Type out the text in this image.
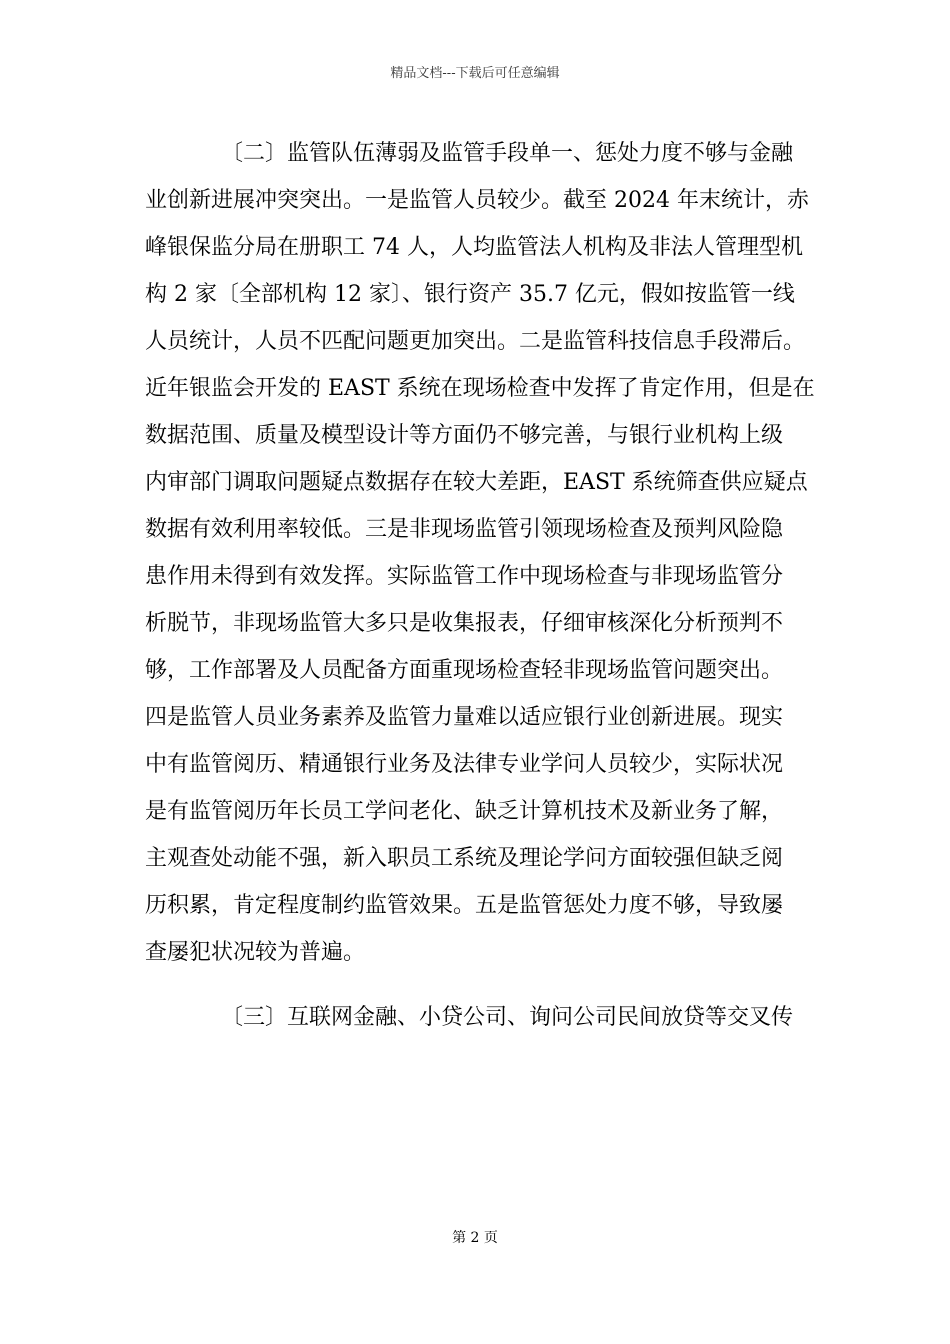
精品文档---下载后可任意编辑
〔二〕监管队伍薄弱及监管手段单一、惩处力度不够与金融
业创新进展冲突突出。一是监管人员较少。截至 2024 年末统计，赤
峰银保监分局在册职工 74 人，人均监管法人机构及非法人管理型机
构 2 家〔全部机构 12 家〕、银行资产 35.7 亿元，假如按监管一线
人员统计，人员不匹配问题更加突出。二是监管科技信息手段滞后。
近年银监会开发的 EAST 系统在现场检查中发挥了肯定作用，但是在
数据范围、质量及模型设计等方面仍不够完善，与银行业机构上级
内审部门调取问题疑点数据存在较大差距，EAST 系统筛查供应疑点
数据有效利用率较低。三是非现场监管引领现场检查及预判风险隐
患作用未得到有效发挥。实际监管工作中现场检查与非现场监管分
析脱节，非现场监管大多只是收集报表，仔细审核深化分析预判不
够，工作部署及人员配备方面重现场检查轻非现场监管问题突出。
四是监管人员业务素养及监管力量难以适应银行业创新进展。现实
中有监管阅历、精通银行业务及法律专业学问人员较少，实际状况
是有监管阅历年长员工学问老化、缺乏计算机技术及新业务了解，
主观查处动能不强，新入职员工系统及理论学问方面较强但缺乏阅
历积累，肯定程度制约监管效果。五是监管惩处力度不够，导致屡
查屡犯状况较为普遍。
〔三〕互联网金融、小贷公司、询问公司民间放贷等交叉传
第 2 页
